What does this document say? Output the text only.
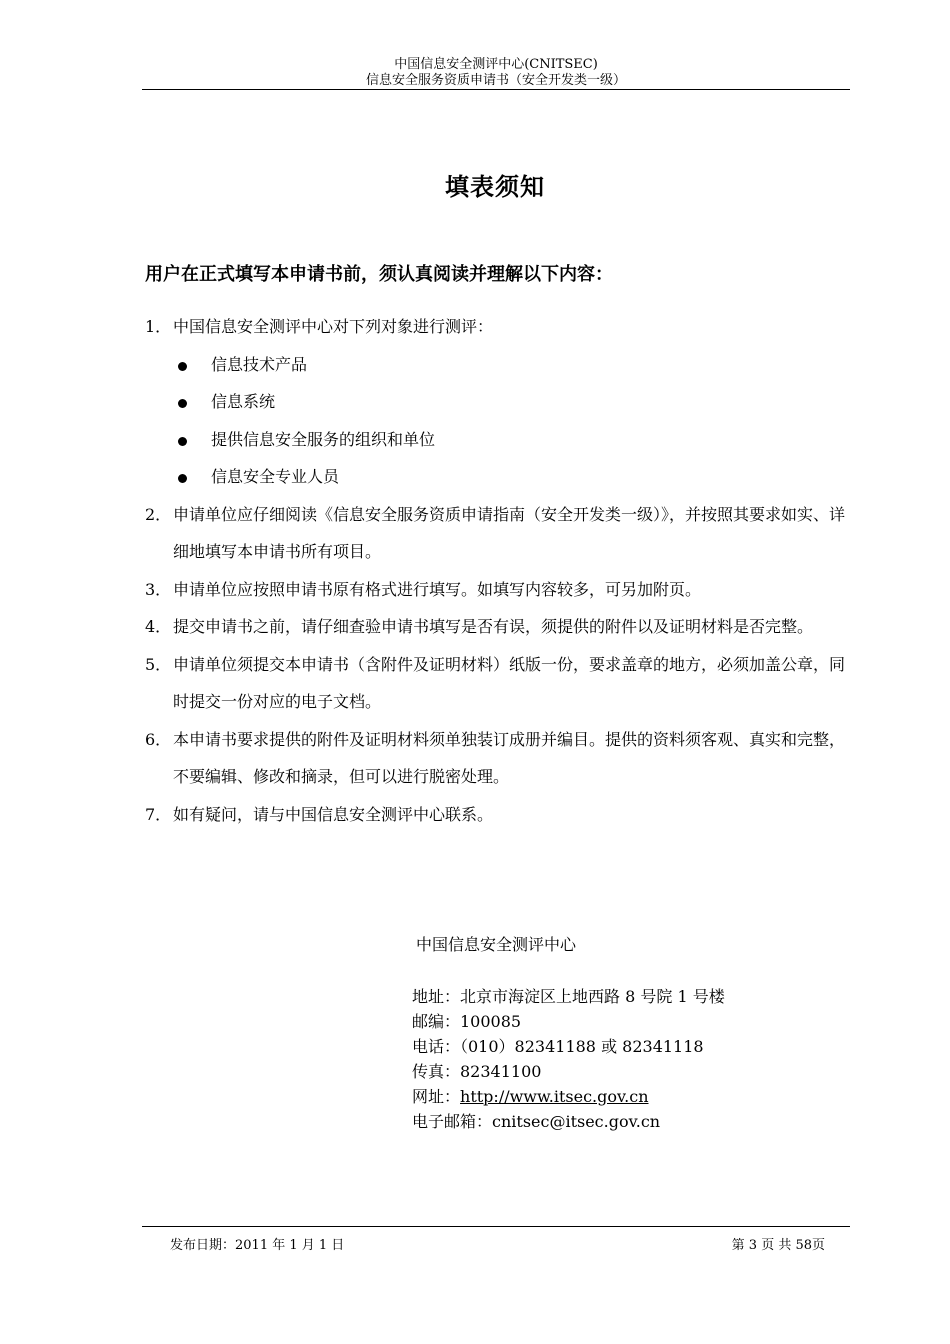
中国信息安全测评中心(CNITSEC)
信息安全服务资质申请书（安全开发类一级）
填表须知
用户在正式填写本申请书前，须认真阅读并理解以下内容：
1． 中国信息安全测评中心对下列对象进行测评：
信息技术产品
信息系统
提供信息安全服务的组织和单位
信息安全专业人员
2． 申请单位应仔细阅读《信息安全服务资质申请指南（安全开发类一级）》，并按照其要求如实、详细地填写本申请书所有项目。
3． 申请单位应按照申请书原有格式进行填写。如填写内容较多，可另加附页。
4． 提交申请书之前，请仔细查验申请书填写是否有误，须提供的附件以及证明材料是否完整。
5． 申请单位须提交本申请书（含附件及证明材料）纸版一份，要求盖章的地方，必须加盖公章，同时提交一份对应的电子文档。
6． 本申请书要求提供的附件及证明材料须单独装订成册并编目。提供的资料须客观、真实和完整，不要编辑、修改和摘录，但可以进行脱密处理。
7． 如有疑问，请与中国信息安全测评中心联系。
中国信息安全测评中心
地址：北京市海淀区上地西路 8 号院 1 号楼
邮编：100085
电话：（010）82341188 或 82341118
传真：82341100
网址：http://www.itsec.gov.cn
电子邮箱：cnitsec@itsec.gov.cn
发布日期：2011 年 1 月 1 日	第 3 页 共 58页
